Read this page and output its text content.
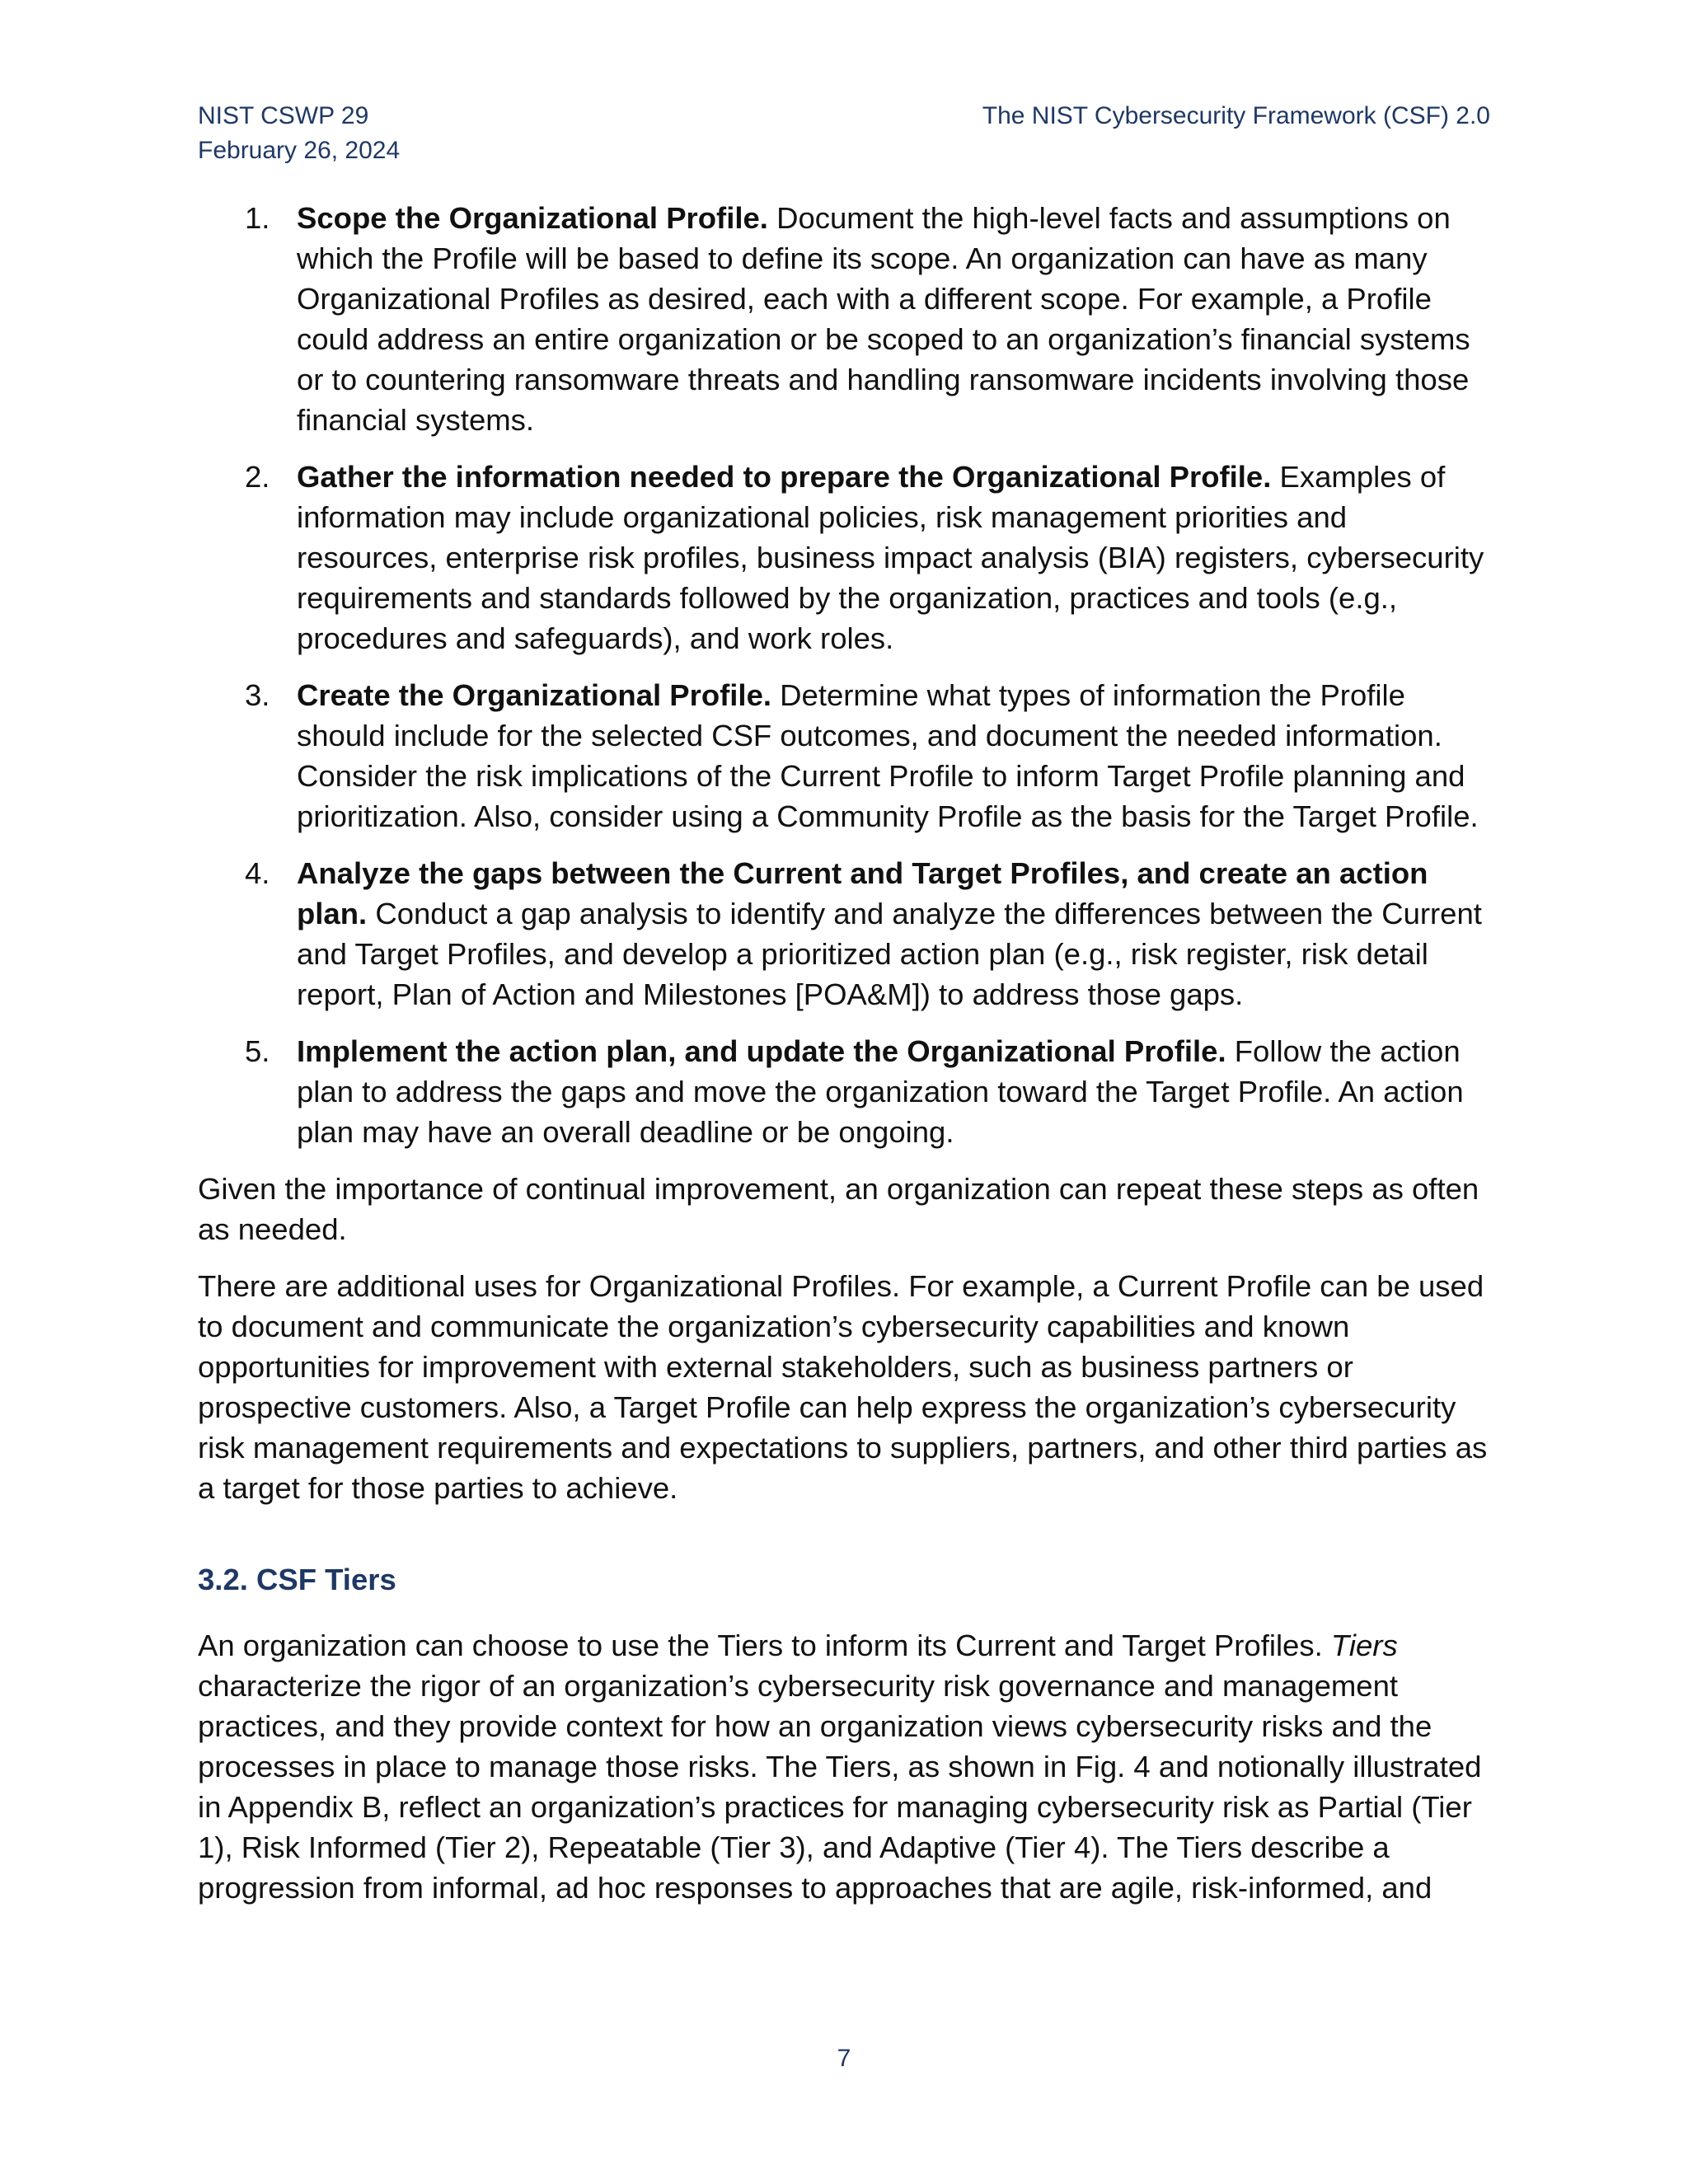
NIST CSWP 29
February 26, 2024
The NIST Cybersecurity Framework (CSF) 2.0
1. Scope the Organizational Profile. Document the high-level facts and assumptions on which the Profile will be based to define its scope. An organization can have as many Organizational Profiles as desired, each with a different scope. For example, a Profile could address an entire organization or be scoped to an organization’s financial systems or to countering ransomware threats and handling ransomware incidents involving those financial systems.
2. Gather the information needed to prepare the Organizational Profile. Examples of information may include organizational policies, risk management priorities and resources, enterprise risk profiles, business impact analysis (BIA) registers, cybersecurity requirements and standards followed by the organization, practices and tools (e.g., procedures and safeguards), and work roles.
3. Create the Organizational Profile. Determine what types of information the Profile should include for the selected CSF outcomes, and document the needed information. Consider the risk implications of the Current Profile to inform Target Profile planning and prioritization. Also, consider using a Community Profile as the basis for the Target Profile.
4. Analyze the gaps between the Current and Target Profiles, and create an action plan. Conduct a gap analysis to identify and analyze the differences between the Current and Target Profiles, and develop a prioritized action plan (e.g., risk register, risk detail report, Plan of Action and Milestones [POA&M]) to address those gaps.
5. Implement the action plan, and update the Organizational Profile. Follow the action plan to address the gaps and move the organization toward the Target Profile. An action plan may have an overall deadline or be ongoing.

Given the importance of continual improvement, an organization can repeat these steps as often as needed.

There are additional uses for Organizational Profiles. For example, a Current Profile can be used to document and communicate the organization’s cybersecurity capabilities and known opportunities for improvement with external stakeholders, such as business partners or prospective customers. Also, a Target Profile can help express the organization’s cybersecurity risk management requirements and expectations to suppliers, partners, and other third parties as a target for those parties to achieve.

3.2. CSF Tiers

An organization can choose to use the Tiers to inform its Current and Target Profiles. Tiers characterize the rigor of an organization’s cybersecurity risk governance and management practices, and they provide context for how an organization views cybersecurity risks and the processes in place to manage those risks. The Tiers, as shown in Fig. 4 and notionally illustrated in Appendix B, reflect an organization’s practices for managing cybersecurity risk as Partial (Tier 1), Risk Informed (Tier 2), Repeatable (Tier 3), and Adaptive (Tier 4). The Tiers describe a progression from informal, ad hoc responses to approaches that are agile, risk-informed, and

7
